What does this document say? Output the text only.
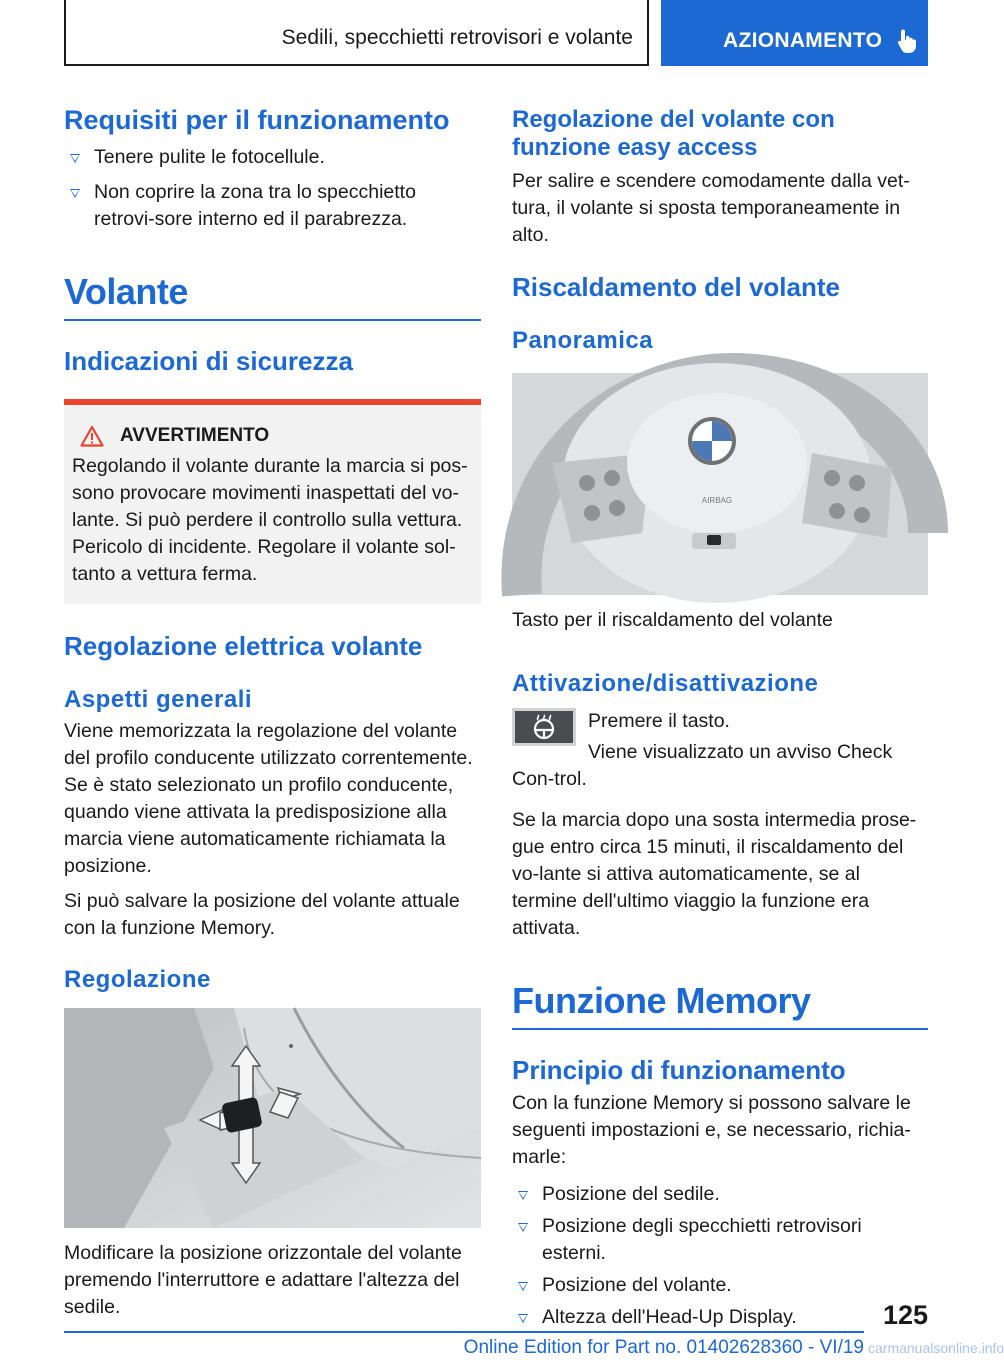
Sedili, specchietti retrovisori e volante	AZIONAMENTO
Requisiti per il funzionamento
Tenere pulite le fotocellule.
Non coprire la zona tra lo specchietto retrovi-sore interno ed il parabrezza.
Volante
Indicazioni di sicurezza
AVVERTIMENTO

Regolando il volante durante la marcia si pos-sono provocare movimenti inaspettati del vo-lante. Si può perdere il controllo sulla vettura. Pericolo di incidente. Regolare il volante sol-tanto a vettura ferma.

Regolazione elettrica volante
Aspetti generali

Viene memorizzata la regolazione del volante del profilo conducente utilizzato correntemente. Se è stato selezionato un profilo conducente, quando viene attivata la predisposizione alla marcia viene automaticamente richiamata la posizione.

Si può salvare la posizione del volante attuale con la funzione Memory.

Regolazione

Modificare la posizione orizzontale del volante premendo l'interruttore e adattare l'altezza del sedile.

Regolazione del volante con funzione easy access

Per salire e scendere comodamente dalla vet-tura, il volante si sposta temporaneamente in alto.

Riscaldamento del volante
Panoramica
AIRBAG

Tasto per il riscaldamento del volante

Attivazione/disattivazione

Premere il tasto.

Viene visualizzato un avviso Check Con-trol.

Se la marcia dopo una sosta intermedia prose-gue entro circa 15 minuti, il riscaldamento del vo-lante si attiva automaticamente, se al termine dell'ultimo viaggio la funzione era attivata.

Funzione Memory
Principio di funzionamento

Con la funzione Memory si possono salvare le seguenti impostazioni e, se necessario, richia-marle:

Posizione del sedile.
Posizione degli specchietti retrovisori esterni.
Posizione del volante.
Altezza dell'Head-Up Display.	125
Online Edition for Part no. 01402628360 - VI/19 carmanualsonline.info
